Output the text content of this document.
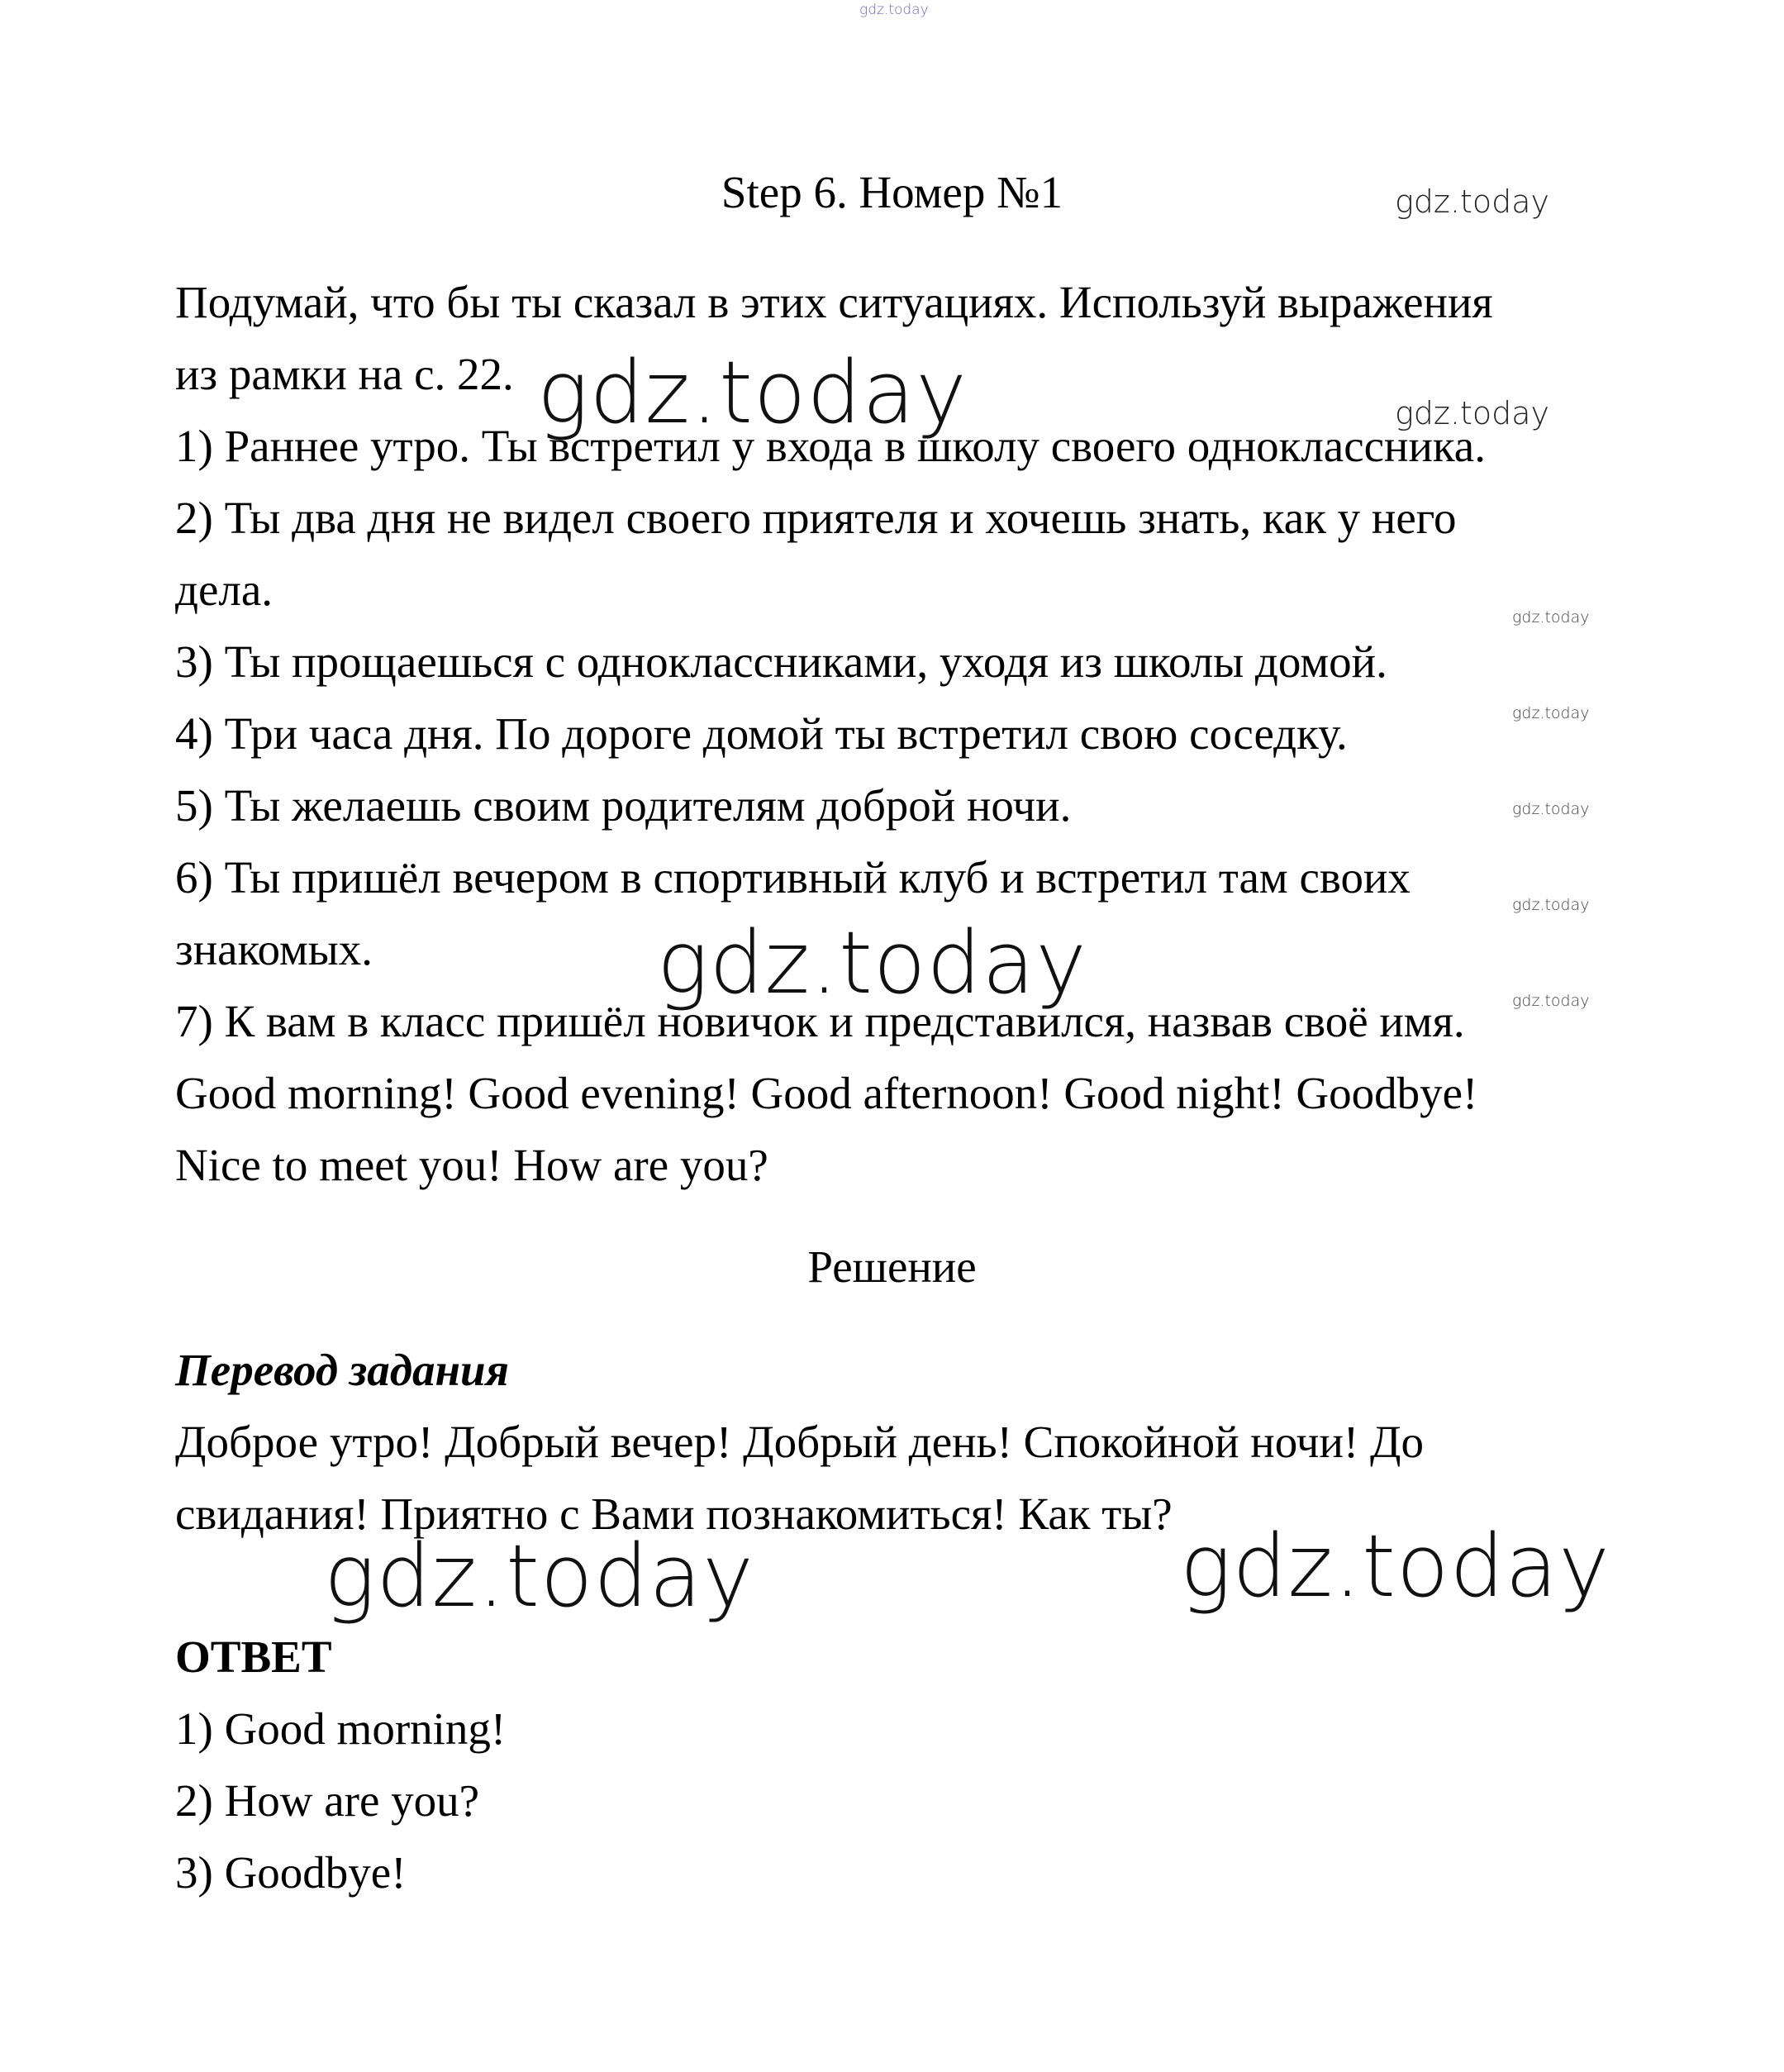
gdz.today
Step 6. Номер №1	gdz.today
Подумай, что бы ты сказал в этих ситуациях. Используй выражения
из рамки на с. 22.
1) Раннее утро. Ты встретил у входа в школу своего одноклассника.
2) Ты два дня не видел своего приятеля и хочешь знать, как у него
дела.
3) Ты прощаешься с одноклассниками, уходя из школы домой.
4) Три часа дня. По дороге домой ты встретил свою соседку.
5) Ты желаешь своим родителям доброй ночи.
6) Ты пришёл вечером в спортивный клуб и встретил там своих
знакомых.
7) К вам в класс пришёл новичок и представился, назвав своё имя.
Good morning! Good evening! Good afternoon! Good night! Goodbye!
Nice to meet you! How are you?
gdz.today	gdz.today
gdz.today
gdz.today
gdz.today
gdz.today
gdz.today
gdz.today
Решение
Перевод задания
Доброе утро! Добрый вечер! Добрый день! Спокойной ночи! До
свидания! Приятно с Вами познакомиться! Как ты?
gdz.today	gdz.today
ОТВЕТ
1) Good morning!
2) How are you?
3) Goodbye!
